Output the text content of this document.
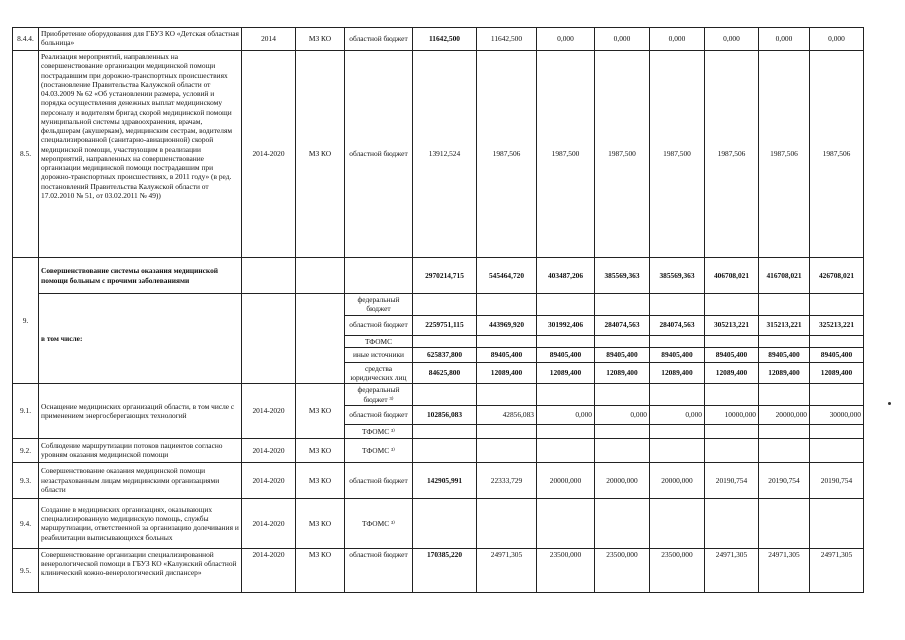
8.4.4.	Приобретение оборудования для ГБУЗ КО «Детская областная больница»	2014	МЗ КО	областной бюджет	11642,500	11642,500	0,000	0,000	0,000	0,000	0,000	0,000
8.5.	Реализация мероприятий, направленных на совершенствование организации медицинской помощи пострадавшим при дорожно-транспортных происшествиях (постановление Правительства Калужской области от 04.03.2009 № 62 «Об установлении размера, условий и порядка осуществления денежных выплат медицинскому персоналу и водителям бригад скорой медицинской помощи муниципальной системы здравоохранения, врачам, фельдшерам (акушеркам), медицинским сестрам, водителям специализированной (санитарно-авиационной) скорой медицинской помощи, участвующим в реализации мероприятий, направленных на совершенствование организации медицинской помощи пострадавшим при дорожно-транспортных происшествиях, в 2011 году» (в ред. постановлений Правительства Калужской области от 17.02.2010 № 51, от 03.02.2011 № 49))	2014-2020	МЗ КО	областной бюджет	13912,524	1987,506	1987,500	1987,500	1987,500	1987,506	1987,506	1987,506
9.	Совершенствование системы оказания медицинской помощи больным с прочими заболеваниями				2970214,715	545464,720	403487,206	385569,363	385569,363	406708,021	416708,021	426708,021
	в том числе:			федеральный бюджет								
				областной бюджет	2259751,115	443969,920	301992,406	284074,563	284074,563	305213,221	315213,221	325213,221
				ТФОМС								
				иные источники	625837,800	89405,400	89405,400	89405,400	89405,400	89405,400	89405,400	89405,400
				средства юридических лиц	84625,800	12089,400	12089,400	12089,400	12089,400	12089,400	12089,400	12089,400
9.1.	Оснащение медицинских организаций области, в том числе с применением энергосберегающих технологий	2014-2020	МЗ КО	федеральный бюджет ³⁾								
				областной бюджет	102856,083	42856,083	0,000	0,000	0,000	10000,000	20000,000	30000,000
				ТФОМС ³⁾								
9.2.	Соблюдение маршрутизации потоков пациентов согласно уровням оказания медицинской помощи	2014-2020	МЗ КО	ТФОМС ³⁾								
9.3.	Совершенствование оказания медицинской помощи незастрахованным лицам медицинскими организациями области	2014-2020	МЗ КО	областной бюджет	142905,991	22333,729	20000,000	20000,000	20000,000	20190,754	20190,754	20190,754
9.4.	Создание в медицинских организациях, оказывающих специализированную медицинскую помощь, службы маршрутизации, ответственной за организацию долечивания и реабилитации выписывающихся больных	2014-2020	МЗ КО	ТФОМС ³⁾								
9.5.	Совершенствование организации специализированной венерологической помощи в ГБУЗ КО «Калужский областной клинический кожно-венерологический диспансер»	2014-2020	МЗ КО	областной бюджет	170385,220	24971,305	23500,000	23500,000	23500,000	24971,305	24971,305	24971,305
